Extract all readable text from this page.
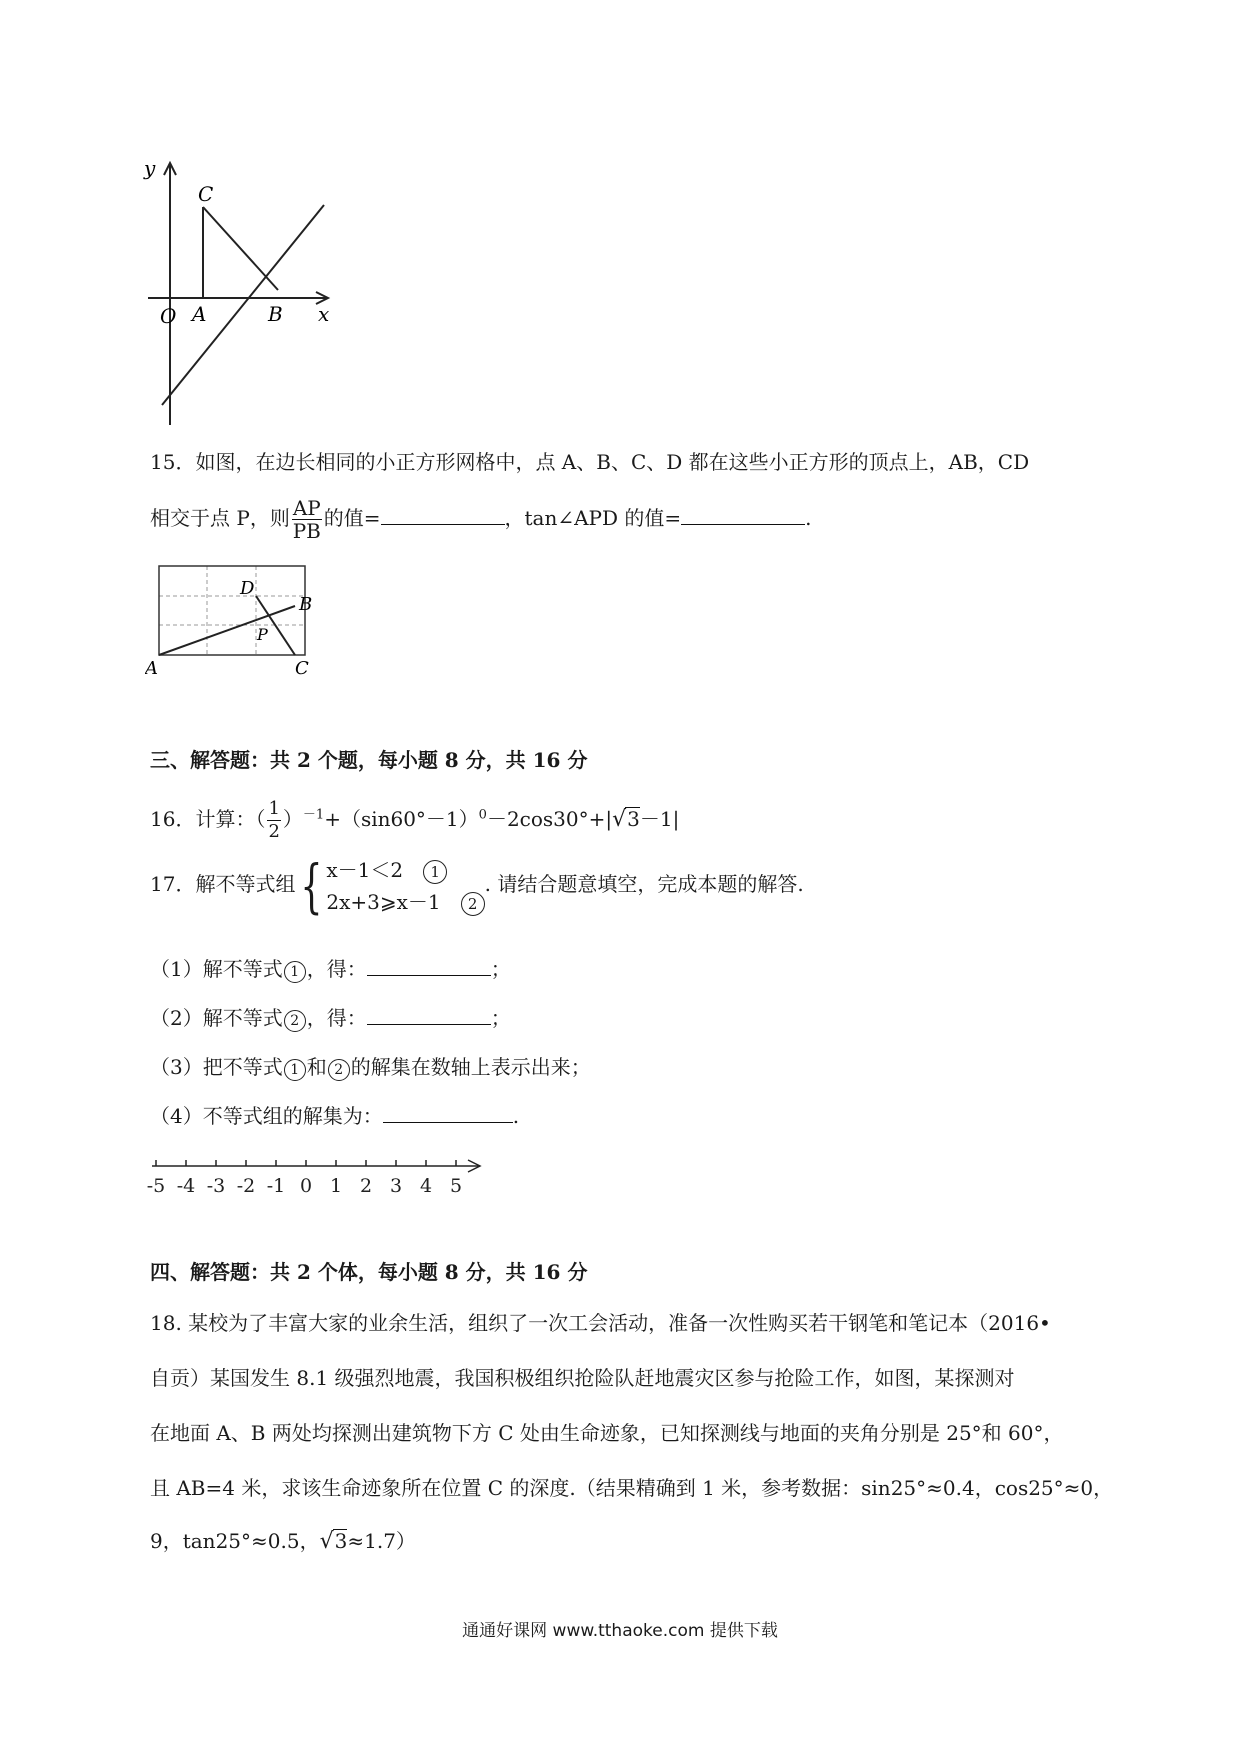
y
C
O A	B x
15．如图，在边长相同的小正方形网格中，点 A、B、C、D 都在这些小正方形的顶点上，AB，CD
相交于点 P，则 $\frac{AP}{PB}$ 的值=	，tan∠APD 的值=	.
D
B
P
A	C
三、解答题：共 2 个题，每小题 8 分，共 16 分
16．计算：（ $\frac{1}{2} )^{-1}+(\sin 60^\circ-1)^0-2\cos 30^\circ+|√3-1|$
17．解不等式组{ x－1＜2 1
2x+3⩾x－1 2
. 请结合题意填空，完成本题的解答.
（1）解不等式 1 ，得：	；
（2）解不等式 2 ，得：	；
（3）把不等式 1 和 2 的解集在数轴上表示出来；
（4）不等式组的解集为：	.
-5 -4 -3 -2 -1 0 1 2 3 4 5
四、解答题：共 2 个体，每小题 8 分，共 16 分
18. 某校为了丰富大家的业余生活，组织了一次工会活动，准备一次性购买若干钢笔和笔记本（2016•
自贡）某国发生 8.1 级强烈地震，我国积极组织抢险队赶地震灾区参与抢险工作，如图，某探测对
在地面 A、B 两处均探测出建筑物下方 C 处由生命迹象，已知探测线与地面的夹角分别是 25°和 60°，
且 AB=4 米，求该生命迹象所在位置 C 的深度.（结果精确到 1 米，参考数据：sin25°≈0.4，cos25°≈0，
9，tan25°≈0.5，√3≈1.7）
通通好课网 www.tthaoke.com 提供下载
